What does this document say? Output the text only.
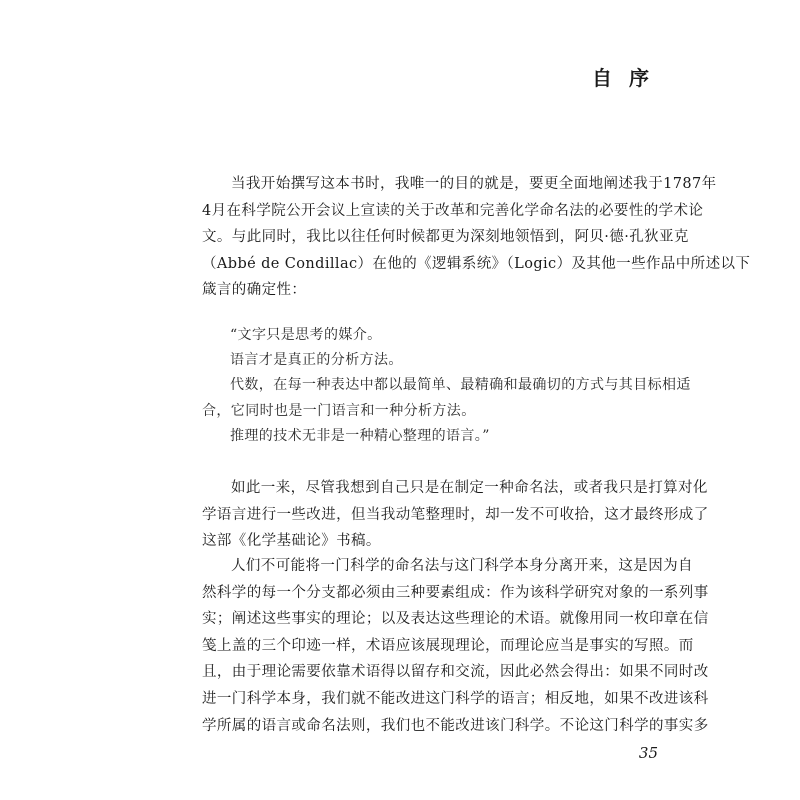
自 序
当我开始撰写这本书时，我唯一的目的就是，要更全面地阐述我于1787年
4月在科学院公开会议上宣读的关于改革和完善化学命名法的必要性的学术论
文。与此同时，我比以往任何时候都更为深刻地领悟到，阿贝·德·孔狄亚克
（Abbé de Condillac）在他的《逻辑系统》（Logic）及其他一些作品中所述以下
箴言的确定性：
“文字只是思考的媒介。
语言才是真正的分析方法。
代数，在每一种表达中都以最简单、最精确和最确切的方式与其目标相适
合，它同时也是一门语言和一种分析方法。
推理的技术无非是一种精心整理的语言。”
如此一来，尽管我想到自己只是在制定一种命名法，或者我只是打算对化
学语言进行一些改进，但当我动笔整理时，却一发不可收拾，这才最终形成了
这部《化学基础论》书稿。
人们不可能将一门科学的命名法与这门科学本身分离开来，这是因为自
然科学的每一个分支都必须由三种要素组成：作为该科学研究对象的一系列事
实；阐述这些事实的理论；以及表达这些理论的术语。就像用同一枚印章在信
笺上盖的三个印迹一样，术语应该展现理论，而理论应当是事实的写照。而
且，由于理论需要依靠术语得以留存和交流，因此必然会得出：如果不同时改
进一门科学本身，我们就不能改进这门科学的语言；相反地，如果不改进该科
学所属的语言或命名法则，我们也不能改进该门科学。不论这门科学的事实多
35
